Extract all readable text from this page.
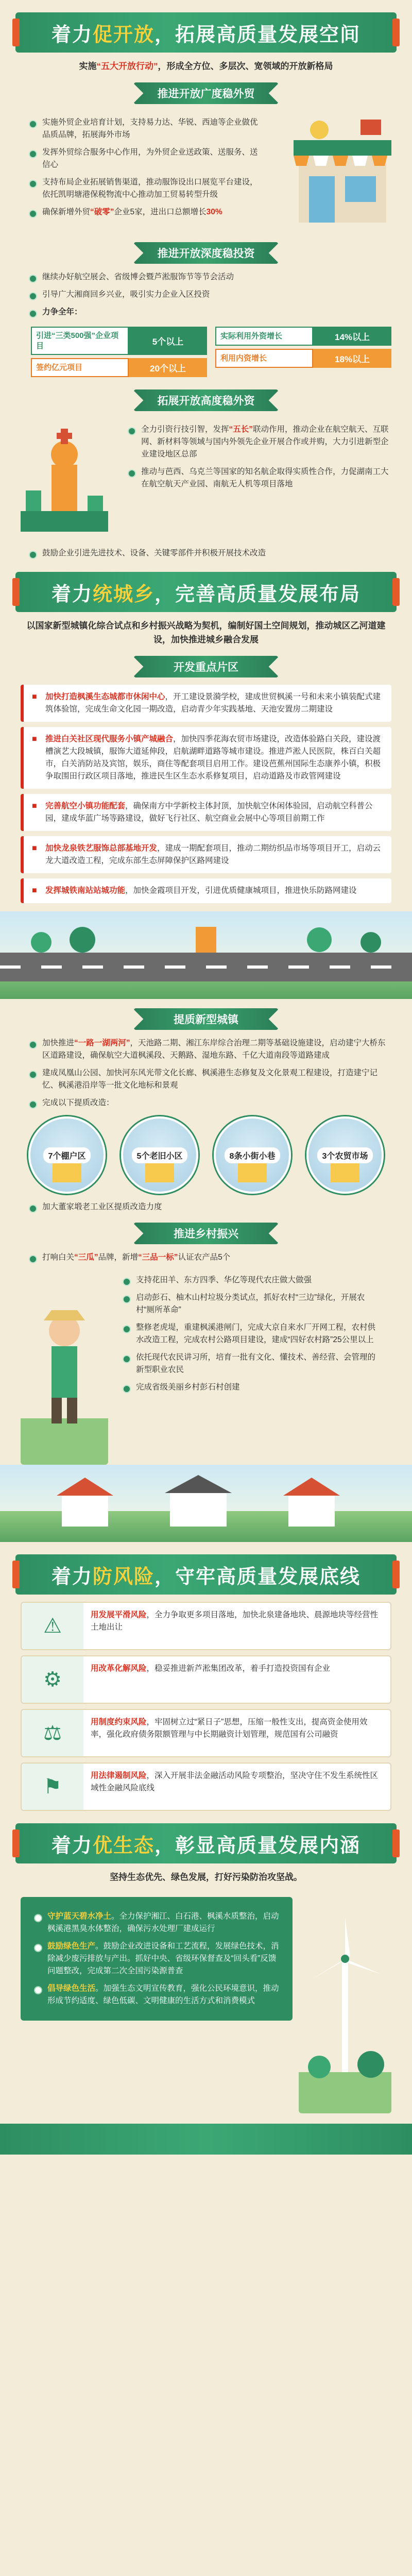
着力 促开放 ，拓展高质量发展空间

实施“五大开放行动”，形成全方位、多层次、宽领域的开放新格局

推进开放广度稳外贸
实施外贸企业培育计划，支持易力达、华锐、西迪等企业做优品质品牌，拓展海外市场
发挥外贸综合服务中心作用，为外贸企业送政策、送服务、送信心
支持布局企业拓展销售渠道，推动服饰设出口展览平台建设，依托凯明塘港保税物流中心推动加工贸易转型升级
确保新增外贸“破零”企业5家，进出口总额增长30%
推进开放深度稳投资
继续办好航空展会、省级博会暨芦淞服饰节等节会活动
引导广大湘商回乡兴业，吸引实力企业入区投资
力争全年：
引进“三类500强”企业项目	5个以上
签约亿元项目	20个以上
实际利用外资增长	14%以上
利用内资增长	18%以上
拓展开放高度稳外资
全力引资行技引智，发挥“五长”联动作用，推动企业在航空航天、互联网、新材料等领域与国内外领先企业开展合作或并购，大力引进新型企业建设地区总部
推动与芭西、乌克兰等国家的知名航企取得实质性合作，力促湖南工大在航空航天产业园、南航无人机等项目落地
鼓励企业引进先进技术、设备、关键零部件并积极开展技术改造
着力 统城乡 ，完善高质量发展布局

以国家新型城镇化综合试点和乡村振兴战略为契机，编制好国土空间规划，推动城区乙河道建设，加快推进城乡融合发展

开发重点片区
■ 加快打造枫溪生态城都市休闲中心，开工建设景漪学校，建成世贸枫溪一号和未来小镇装配式建筑体验馆，完成生命文化园一期改造，启动青少年实践基地、天池安置房二期建设
■ 推进白关社区现代服务小镇产城融合，加快四季花海农贸市场建设，改造体验路白关段，建设渡槽演艺大段城镇，服饰大道延伸段，启航湖畔道路等城市建设。推进芦淞人民医院，株百白关超市，白关消防站及宾馆，娱乐，商住等配套项目启用工作。建设芭蕉州国际生态康养小镇，积极争取围田行政区项目落地，推进民生区生态水系修复项目，启动道路及市政管网建设
■ 完善航空小镇功能配套，确保南方中学新校主体封顶，加快航空休闲体验园，启动航空科普公园，建成华蓝广场等路建设，做好飞行社区、航空商业会展中心等项目前期工作
■ 加快龙泉铁艺服饰总部基地开发，建成一期配套项目，推动二期纺织品市场等项目开工，启动云龙大道改造工程，完成东部生态屏障保护区路网建设
■ 发挥城铁南站站城功能，加快金霞项目开发，引进优质健康城项目，推进快乐防路网建设
提质新型城镇
加快推进“一路一湖两河”，天池路二期、湘江东岸综合治理二期等基础设施建设，启动建宁大桥东区道路建设，确保航空大道枫溪段、天鹅路、湿地东路、千亿大道南段等道路建成
建成凤凰山公园、加快河东风光带文化长廊、枫溪港生态修复及文化景观工程建设，打造建宁记忆、枫溪港沿岸等一批文化地标和景观
完成以下提质改造：
7个棚户区	5个老旧小区	8条小街小巷	3个农贸市场
加大董家塅老工业区提质改造力度
推进乡村振兴
打响白关“三瓜”品牌，新增“三品一标”认证农产品5个
支持花田羊、东方四季、华亿等现代农庄做大做强
启动彭石、柚木山村垃圾分类试点，抓好农村“三边”绿化，开展农村“厕所革命”
整修老虎堤，重建枫溪港闸门，完成大京自来水厂开网工程，农村供水改造工程，完成农村公路项目建设，建成“四好农村路”25公里以上
依托现代农民讲习所，培育一批有文化、懂技术、善经营、会管理的新型职业农民
完成省级美丽乡村彭石村创建
着力 防风险 ，守牢高质量发展底线
⚠	用发展平滑风险，全力争取更多项目落地，加快北泉建备地块、晨源地块等经营性土地出让
⚙	用改革化解风险，稳妥推进新芦淞集团改革，着手打造投资国有企业
⚖	用制度约束风险，牢固树立过“紧日子”思想，压缩一般性支出，提高资金使用效率，强化政府债务限额管理与中长期融资计划管理，规范国有公司融资
⚑	用法律遏制风险，深入开展非法金融活动风险专项整治，坚决守住不发生系统性区域性金融风险底线
着力 优生态 ，彰显高质量发展内涵

坚持生态优先、绿色发展，打好污染防治攻坚战。

守护蓝天碧水净土。全力保护湘江、白石港、枫溪水质整治，启动枫溪港黑臭水体整治，确保污水处理厂建成运行
鼓励绿色生产。鼓励企业改进设备和工艺流程，发展绿色技术，消除减少废污排放与产出。抓好中央、省级环保督查及“回头看”反馈问题整改，完成第二次全国污染源普查
倡导绿色生活。加强生态文明宣传教育，强化公民环境意识，推动形成节约适度、绿色低碳、文明健康的生活方式和消费模式
